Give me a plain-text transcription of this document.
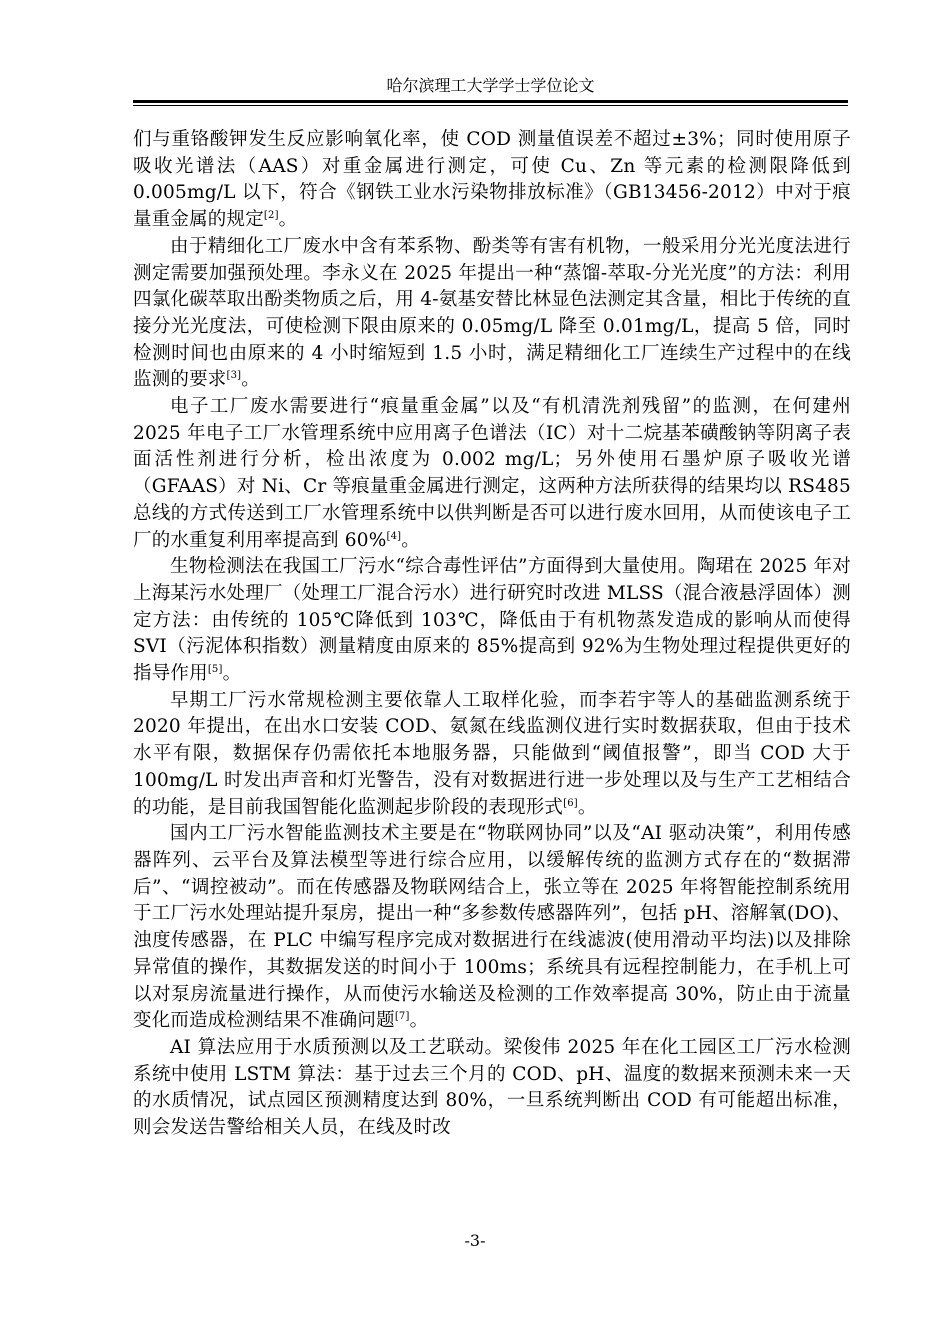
哈尔滨理工大学学士学位论文

们与重铬酸钾发生反应影响氧化率，使 COD 测量值误差不超过±3%；同时使用原子吸收光谱法（AAS）对重金属进行测定，可使 Cu、Zn 等元素的检测限降低到 0.005mg/L 以下，符合《钢铁工业水污染物排放标准》（GB13456-2012）中对于痕量重金属的规定[2]。

由于精细化工厂废水中含有苯系物、酚类等有害有机物，一般采用分光光度法进行测定需要加强预处理。李永义在 2025 年提出一种“蒸馏-萃取-分光光度”的方法：利用四氯化碳萃取出酚类物质之后，用 4-氨基安替比林显色法测定其含量，相比于传统的直接分光光度法，可使检测下限由原来的 0.05mg/L 降至 0.01mg/L，提高 5 倍，同时检测时间也由原来的 4 小时缩短到 1.5 小时，满足精细化工厂连续生产过程中的在线监测的要求[3]。

电子工厂废水需要进行“痕量重金属”以及“有机清洗剂残留”的监测，在何建州 2025 年电子工厂水管理系统中应用离子色谱法（IC）对十二烷基苯磺酸钠等阴离子表面活性剂进行分析，检出浓度为 0.002 mg/L；另外使用石墨炉原子吸收光谱（GFAAS）对 Ni、Cr 等痕量重金属进行测定，这两种方法所获得的结果均以 RS485 总线的方式传送到工厂水管理系统中以供判断是否可以进行废水回用，从而使该电子工厂的水重复利用率提高到 60%[4]。

生物检测法在我国工厂污水“综合毒性评估”方面得到大量使用。陶珺在 2025 年对上海某污水处理厂（处理工厂混合污水）进行研究时改进 MLSS（混合液悬浮固体）测定方法：由传统的 105℃降低到 103℃，降低由于有机物蒸发造成的影响从而使得 SVI（污泥体积指数）测量精度由原来的 85%提高到 92%为生物处理过程提供更好的指导作用[5]。

早期工厂污水常规检测主要依靠人工取样化验，而李若宇等人的基础监测系统于 2020 年提出，在出水口安装 COD、氨氮在线监测仪进行实时数据获取，但由于技术水平有限，数据保存仍需依托本地服务器，只能做到“阈值报警”，即当 COD 大于 100mg/L 时发出声音和灯光警告，没有对数据进行进一步处理以及与生产工艺相结合的功能，是目前我国智能化监测起步阶段的表现形式[6]。

国内工厂污水智能监测技术主要是在“物联网协同”以及“AI 驱动决策”，利用传感器阵列、云平台及算法模型等进行综合应用，以缓解传统的监测方式存在的“数据滞后”、“调控被动”。而在传感器及物联网结合上，张立等在 2025 年将智能控制系统用于工厂污水处理站提升泵房，提出一种“多参数传感器阵列”，包括 pH、溶解氧(DO)、浊度传感器，在 PLC 中编写程序完成对数据进行在线滤波(使用滑动平均法)以及排除异常值的操作，其数据发送的时间小于 100ms；系统具有远程控制能力，在手机上可以对泵房流量进行操作，从而使污水输送及检测的工作效率提高 30%，防止由于流量变化而造成检测结果不准确问题[7]。

AI 算法应用于水质预测以及工艺联动。梁俊伟 2025 年在化工园区工厂污水检测系统中使用 LSTM 算法：基于过去三个月的 COD、pH、温度的数据来预测未来一天的水质情况，试点园区预测精度达到 80%，一旦系统判断出 COD 有可能超出标准，则会发送告警给相关人员，在线及时改

-3-
